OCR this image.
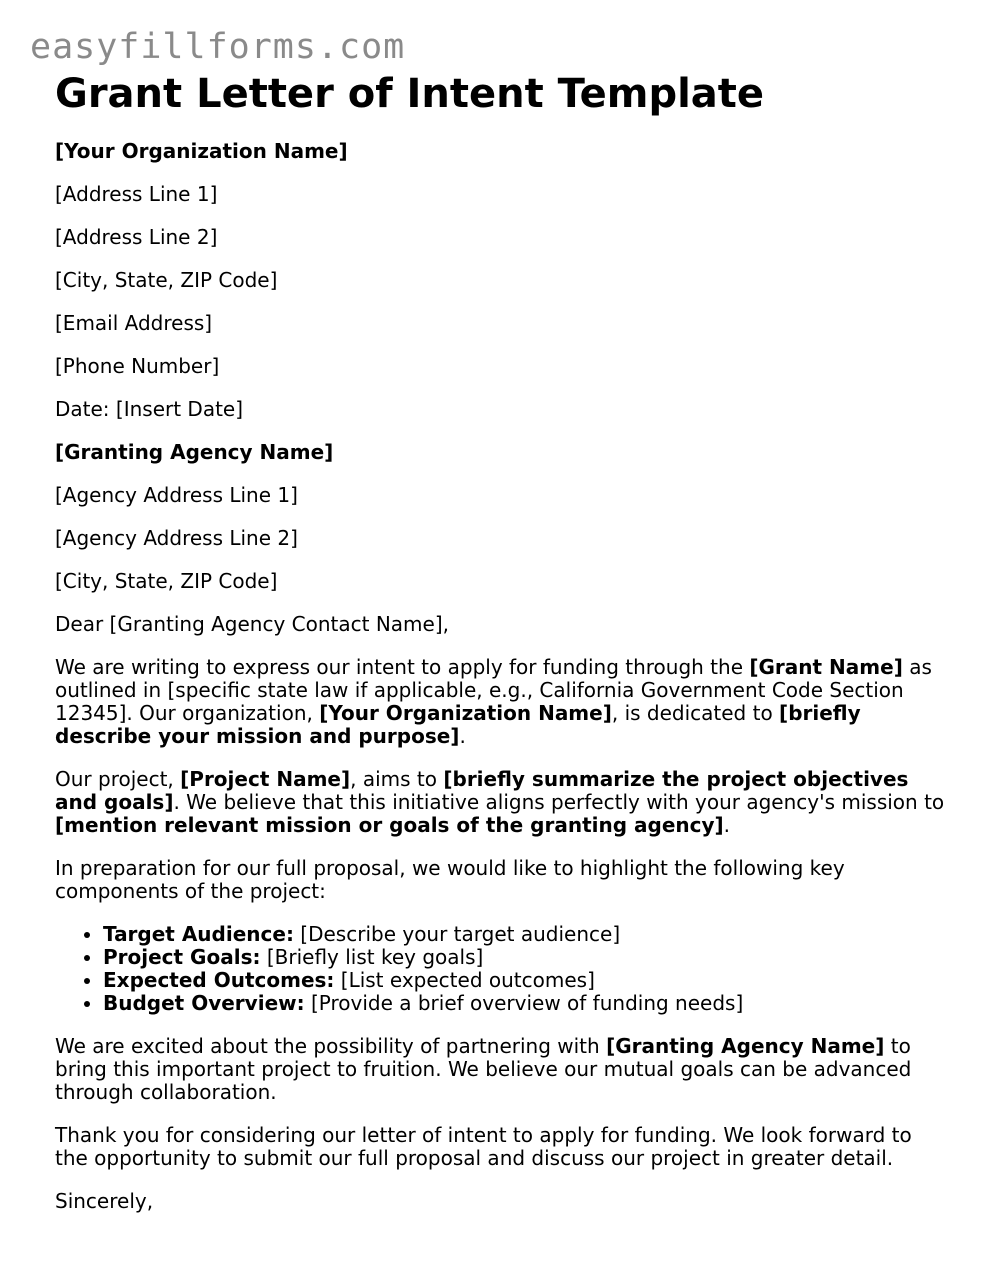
easyfillforms.com
Grant Letter of Intent Template

[Your Organization Name]

[Address Line 1]

[Address Line 2]

[City, State, ZIP Code]

[Email Address]

[Phone Number]

Date: [Insert Date]

[Granting Agency Name]

[Agency Address Line 1]

[Agency Address Line 2]

[City, State, ZIP Code]

Dear [Granting Agency Contact Name],

We are writing to express our intent to apply for funding through the [Grant Name] as outlined in [specific state law if applicable, e.g., California Government Code Section 12345]. Our organization, [Your Organization Name], is dedicated to [briefly describe your mission and purpose].

Our project, [Project Name], aims to [briefly summarize the project objectives and goals]. We believe that this initiative aligns perfectly with your agency's mission to [mention relevant mission or goals of the granting agency].

In preparation for our full proposal, we would like to highlight the following key components of the project:

• Target Audience: [Describe your target audience]
• Project Goals: [Briefly list key goals]
• Expected Outcomes: [List expected outcomes]
• Budget Overview: [Provide a brief overview of funding needs]

We are excited about the possibility of partnering with [Granting Agency Name] to bring this important project to fruition. We believe our mutual goals can be advanced through collaboration.

Thank you for considering our letter of intent to apply for funding. We look forward to the opportunity to submit our full proposal and discuss our project in greater detail.

Sincerely,
